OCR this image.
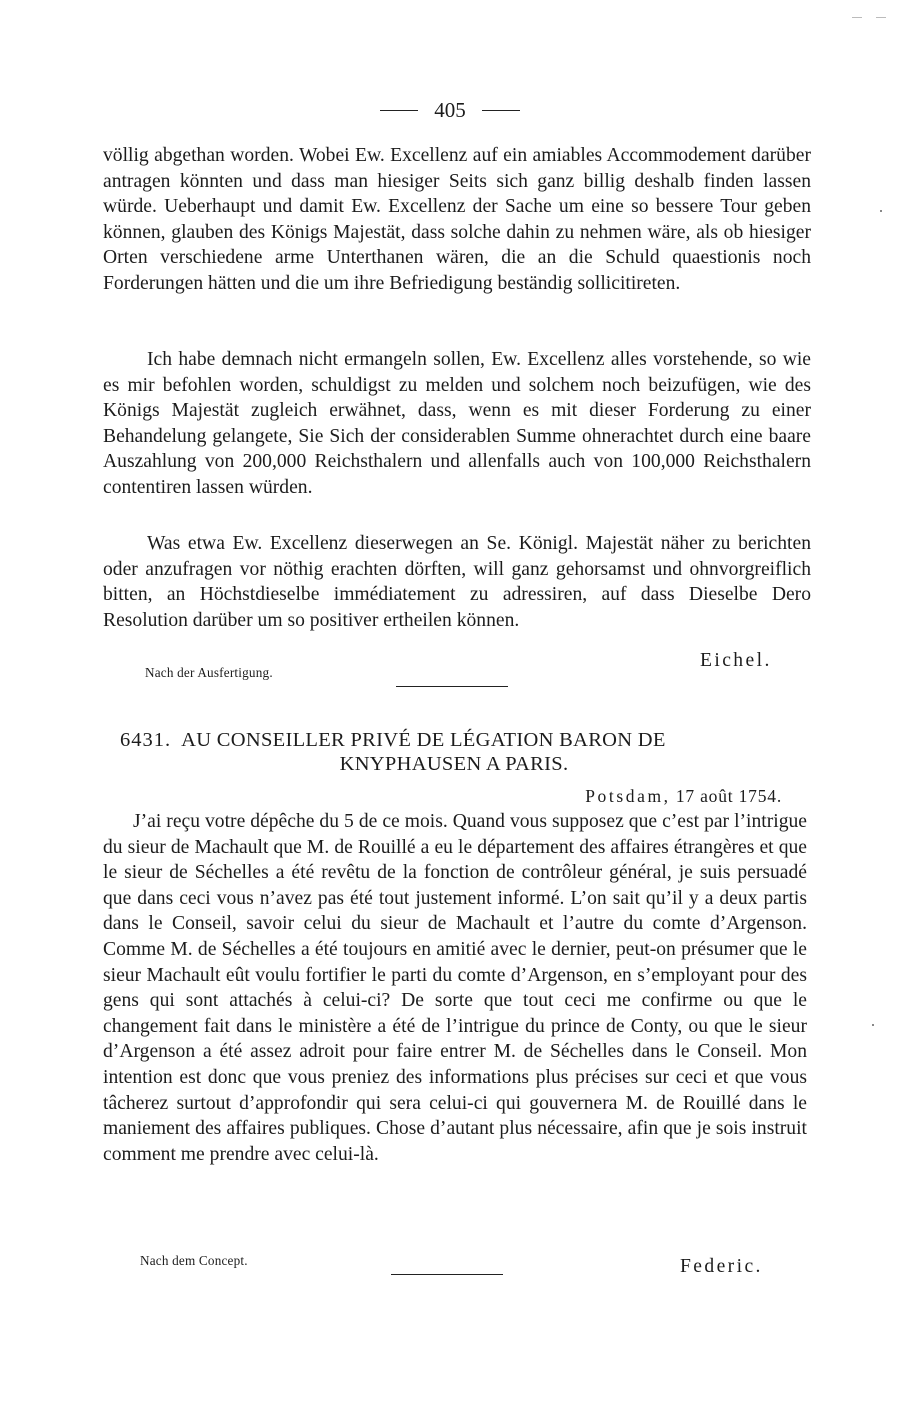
405

völlig abgethan worden. Wobei Ew. Excellenz auf ein amiables Accommodement darüber antragen könnten und dass man hiesiger Seits sich ganz billig deshalb finden lassen würde. Ueberhaupt und damit Ew. Excellenz der Sache um eine so bessere Tour geben können, glauben des Königs Majestät, dass solche dahin zu nehmen wäre, als ob hiesiger Orten verschiedene arme Unterthanen wären, die an die Schuld quaestionis noch Forderungen hätten und die um ihre Befriedigung beständig sollicitireten.

Ich habe demnach nicht ermangeln sollen, Ew. Excellenz alles vorstehende, so wie es mir befohlen worden, schuldigst zu melden und solchem noch beizufügen, wie des Königs Majestät zugleich erwähnet, dass, wenn es mit dieser Forderung zu einer Behandelung gelangete, Sie Sich der considerablen Summe ohnerachtet durch eine baare Auszahlung von 200,000 Reichsthalern und allenfalls auch von 100,000 Reichsthalern contentiren lassen würden.

Was etwa Ew. Excellenz dieserwegen an Se. Königl. Majestät näher zu berichten oder anzufragen vor nöthig erachten dörften, will ganz gehorsamst und ohnvorgreiflich bitten, an Höchstdieselbe immédiatement zu adressiren, auf dass Dieselbe Dero Resolution darüber um so positiver ertheilen können.

Nach der Ausfertigung.
Eichel.
6431. AU CONSEILLER PRIVÉ DE LÉGATION BARON DE
KNYPHAUSEN A PARIS.
Potsdam, 17 août 1754.

J’ai reçu votre dépêche du 5 de ce mois. Quand vous supposez que c’est par l’intrigue du sieur de Machault que M. de Rouillé a eu le département des affaires étrangères et que le sieur de Séchelles a été revêtu de la fonction de contrôleur général, je suis persuadé que dans ceci vous n’avez pas été tout justement informé. L’on sait qu’il y a deux partis dans le Conseil, savoir celui du sieur de Machault et l’autre du comte d’Argenson. Comme M. de Séchelles a été toujours en amitié avec le dernier, peut-on présumer que le sieur Machault eût voulu fortifier le parti du comte d’Argenson, en s’employant pour des gens qui sont attachés à celui-ci? De sorte que tout ceci me confirme ou que le changement fait dans le ministère a été de l’intrigue du prince de Conty, ou que le sieur d’Argenson a été assez adroit pour faire entrer M. de Séchelles dans le Conseil. Mon intention est donc que vous preniez des informations plus précises sur ceci et que vous tâcherez surtout d’approfondir qui sera celui-ci qui gouvernera M. de Rouillé dans le maniement des affaires publiques. Chose d’autant plus nécessaire, afin que je sois instruit comment me prendre avec celui-là.

Nach dem Concept.	Federic.
